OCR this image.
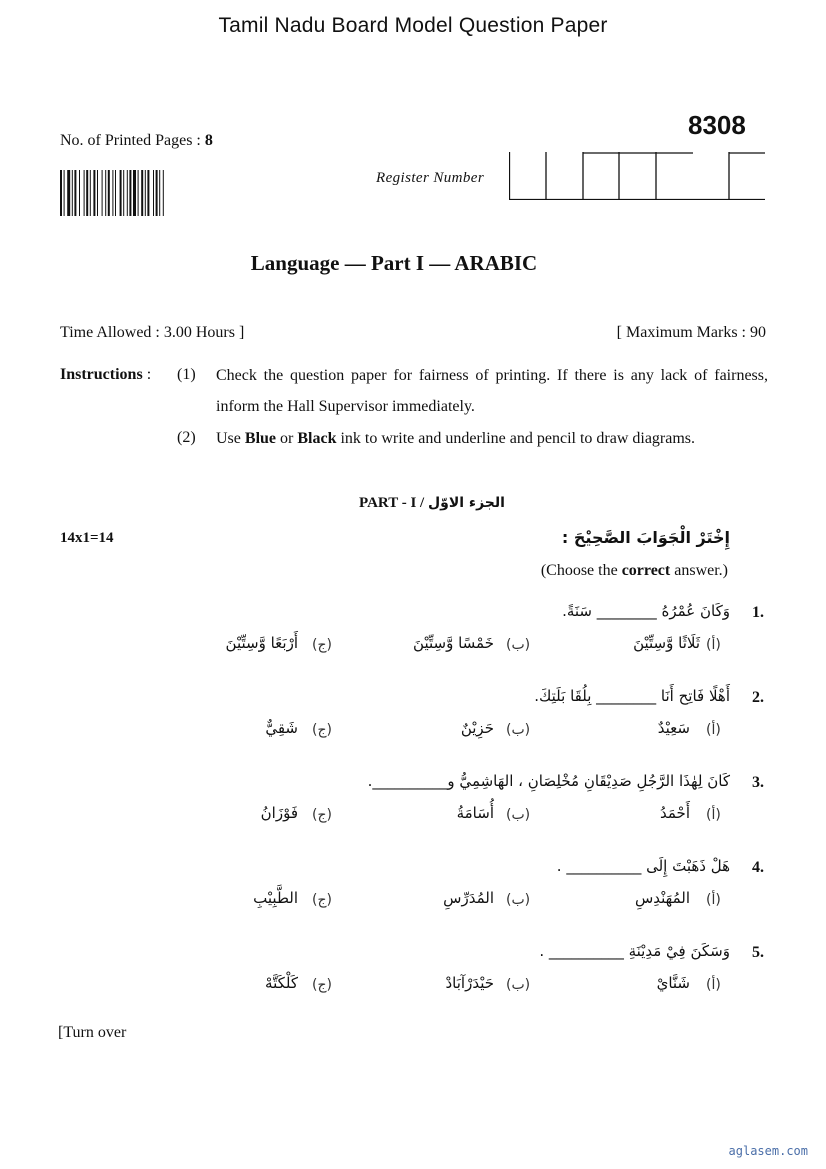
Tamil Nadu Board Model Question Paper
8308
No. of Printed Pages : 8
Register Number
Language — Part I — ARABIC
Time Allowed : 3.00 Hours ]	[ Maximum Marks : 90
Instructions : (1) Check the question paper for fairness of printing. If there is any lack of fairness, inform the Hall Supervisor immediately.
(2) Use Blue or Black ink to write and underline and pencil to draw diagrams.
PART - I / الجزء الاوّل
14x1=14	إِخْتَرْ الْجَوَابَ الصَّحِيْحَ :
(Choose the correct answer.)
1.
وَكَانَ عُمْرُهُ ________ سَنَةً.
(أ)
ثَلَاثًا وَّسِتِّيْنَ
(ب)
خَمْسًا وَّسِتِّيْنَ
(ج)
أَرْبَعًا وَّسِتِّيْنَ
2.
أَهْلًا فَاتِح أَنَا ________ بِلُقَا بَلَتِكَ.
(أ)
سَعِيْدٌ
(ب)
حَزِيْنٌ
(ج)
شَقِيٌّ
3.
كَانَ لِهٰذَا الرَّجُلِ صَدِيْقَانِ مُخْلِصَانِ ، الهَاشِمِيُّ و__________.
(أ)
أَحْمَدُ
(ب)
أُسَامَةُ
(ج)
فَوْزَانُ
4.
هَلْ ذَهَبْتَ إِلَى __________ .
(أ)
المُهَنْدِسِ
(ب)
المُدَرِّسِ
(ج)
الطَّبِيْبِ
5.
وَسَكَنَ فِيْ مَدِيْنَةِ __________ .
(أ)
شَنَّايْ
(ب)
حَيْدَرْآبَادْ
(ج)
كَلْكَتَّهْ
[Turn over
aglasem.com
